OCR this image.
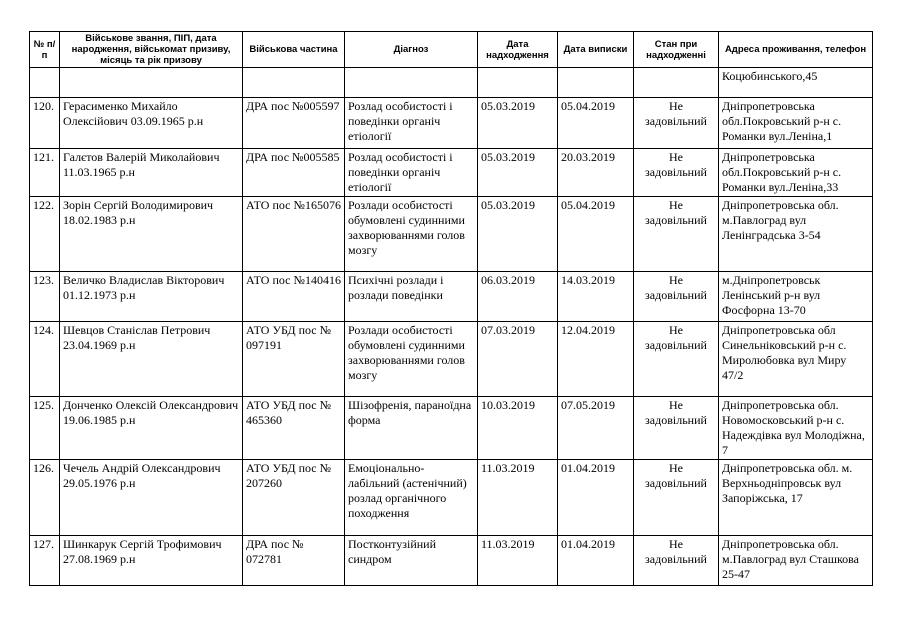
№ п/п	Військове звання, ПІП, дата народження, військомат призиву, місяць та рік призову	Військова частина	Діагноз	Дата надходження	Дата виписки	Стан при надходженні	Адреса проживання, телефон
							Коцюбинського,45
120.	Герасименко Михайло Олексійович 03.09.1965 р.н	ДРА пос №005597	Розлад особистості і поведінки органіч етіології	05.03.2019	05.04.2019	Не задовільний	Дніпропетровська обл.Покровський р-н с. Романки вул.Леніна,1
121.	Галєтов Валерій Миколайович 11.03.1965 р.н	ДРА пос №005585	Розлад особистості і поведінки органіч етіології	05.03.2019	20.03.2019	Не задовільний	Дніпропетровська обл.Покровський р-н с. Романки вул.Леніна,33
122.	Зорін Сергій Володимирович 18.02.1983 р.н	АТО пос №165076	Розлади особистості обумовлені судинними захворюваннями голов мозгу	05.03.2019	05.04.2019	Не задовільний	Дніпропетровська обл. м.Павлоград вул Ленінградська 3-54
123.	Величко Владислав Вікторович 01.12.1973 р.н	АТО пос №140416	Психічні розлади і розлади поведінки	06.03.2019	14.03.2019	Не задовільний	м.Дніпропетровськ Ленінський р-н вул Фосфорна 13-70
124.	Шевцов Станіслав Петрович 23.04.1969 р.н	АТО УБД пос № 097191	Розлади особистості обумовлені судинними захворюваннями голов мозгу	07.03.2019	12.04.2019	Не задовільний	Дніпропетровська обл Синельніковський р-н с. Миролюбовка вул Миру 47/2
125.	Донченко Олексій Олександрович 19.06.1985 р.н	АТО УБД пос № 465360	Шізофренія, параноїдна форма	10.03.2019	07.05.2019	Не задовільний	Дніпропетровська обл. Новомосковський р-н с. Надеждівка вул Молодіжна, 7
126.	Чечель Андрій Олександрович 29.05.1976 р.н	АТО УБД пос № 207260	Емоціонально-лабільний (астенічний) розлад органічного походження	11.03.2019	01.04.2019	Не задовільний	Дніпропетровська обл. м. Верхньодніпровськ вул Запоріжська, 17
127.	Шинкарук Сергій Трофимович 27.08.1969 р.н	ДРА пос № 072781	Постконтузійний синдром	11.03.2019	01.04.2019	Не задовільний	Дніпропетровська обл. м.Павлоград вул Сташкова 25-47
